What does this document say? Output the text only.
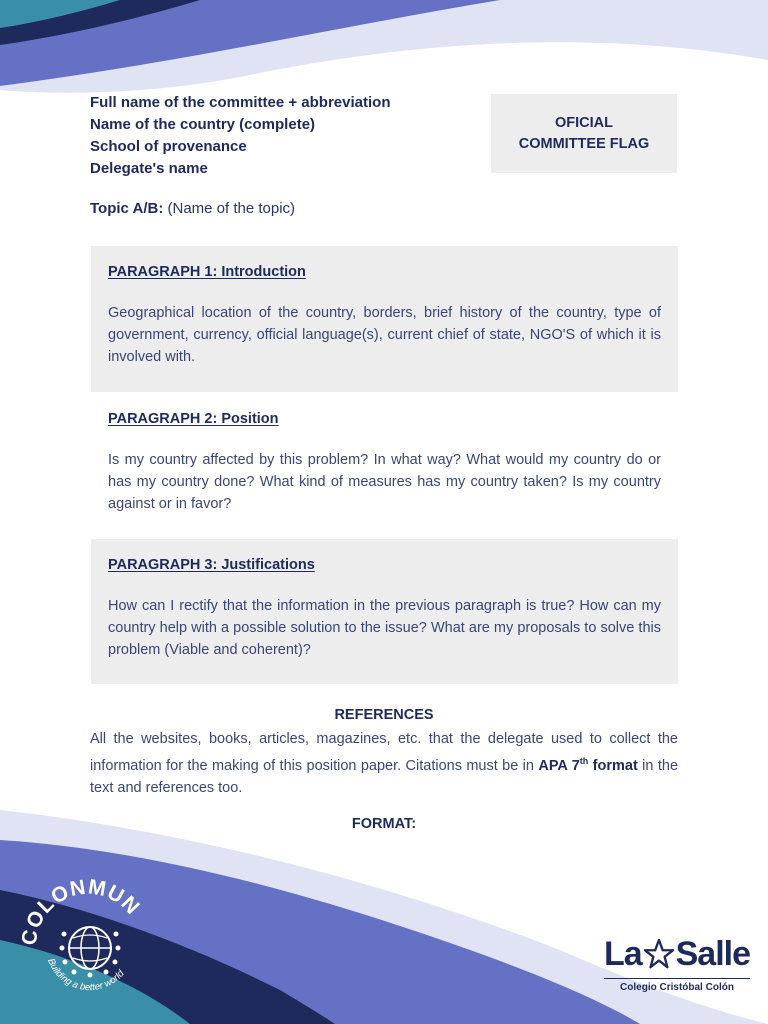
Full name of the committee + abbreviation
Name of the country (complete)
School of provenance
Delegate's name
OFICIAL
COMMITTEE FLAG
Topic A/B: (Name of the topic)
PARAGRAPH 1: Introduction

Geographical location of the country, borders, brief history of the country, type of government, currency, official language(s), current chief of state, NGO'S of which it is involved with.

PARAGRAPH 2: Position

Is my country affected by this problem? In what way? What would my country do or has my country done? What kind of measures has my country taken? Is my country against or in favor?

PARAGRAPH 3: Justifications

How can I rectify that the information in the previous paragraph is true? How can my country help with a possible solution to the issue? What are my proposals to solve this problem (Viable and coherent)?

REFERENCES
All the websites, books, articles, magazines, etc. that the delegate used to collect the information for the making of this position paper. Citations must be in APA 7th format in the text and references too.
FORMAT:
COLONMUN
Building a better world
La Salle
Colegio Cristóbal Colón
